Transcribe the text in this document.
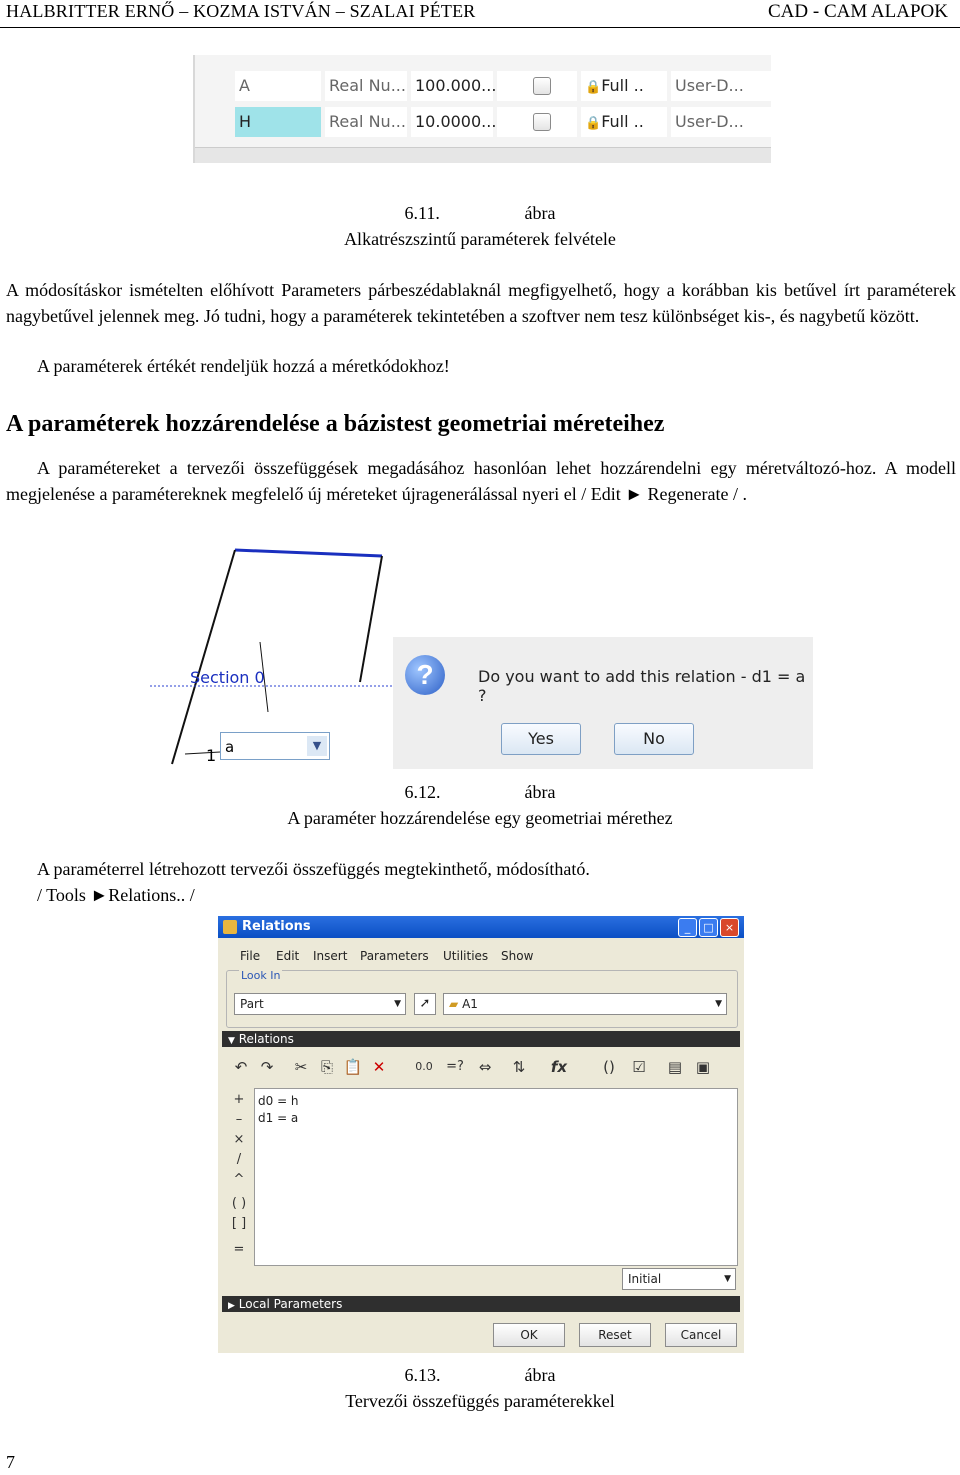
HALBRITTER ERNŐ – KOZMA ISTVÁN – SZALAI PÉTER	CAD - CAM ALAPOK
A	Real Nu... 100.000...	🔒Full ..	User-D...
H	Real Nu... 10.0000...	🔒Full ..	User-D...
6.11.	ábra
Alkatrészszintű paraméterek felvétele
A módosításkor ismételten előhívott Parameters párbeszédablaknál megfigyelhető, hogy a korábban kis betűvel írt paraméterek nagybetűvel jelennek meg. Jó tudni, hogy a paraméterek tekintetében a szoftver nem tesz különbséget kis-, és nagybetű között.
A paraméterek értékét rendeljük hozzá a méretkódokhoz!
A paraméterek hozzárendelése a bázistest geometriai méreteihez
A paramétereket a tervezői összefüggések megadásához hasonlóan lehet hozzárendelni egy méretváltozó-hoz. A modell megjelenése a paramétereknek megfelelő új méreteket újragenerálással nyeri el / Edit ► Regenerate / .
Section 0
1 a	▼
?	Do you want to add this relation - d1 = a ?
Yes	No
6.12.	ábra
A paraméter hozzárendelése egy geometriai mérethez
A paraméterrel létrehozott tervezői összefüggés megtekinthető, módosítható.
/ Tools ►Relations.. /
Relations	_	□	×
File Edit Insert Parameters Utilities Show
Look In
Part	▼	➚	▰ A1	▼
▼ Relations
↶ ↷	✂ ⎘ 📋 ✕	0.0 =? ⇔	⇅	fx	()	☑ ▤ ▣
+
–
×
/
^
( )
[ ]
=
d0 = h
d1 = a
Initial	▼
▶ Local Parameters
OK	Reset	Cancel
6.13.	ábra
Tervezői összefüggés paraméterekkel
7
